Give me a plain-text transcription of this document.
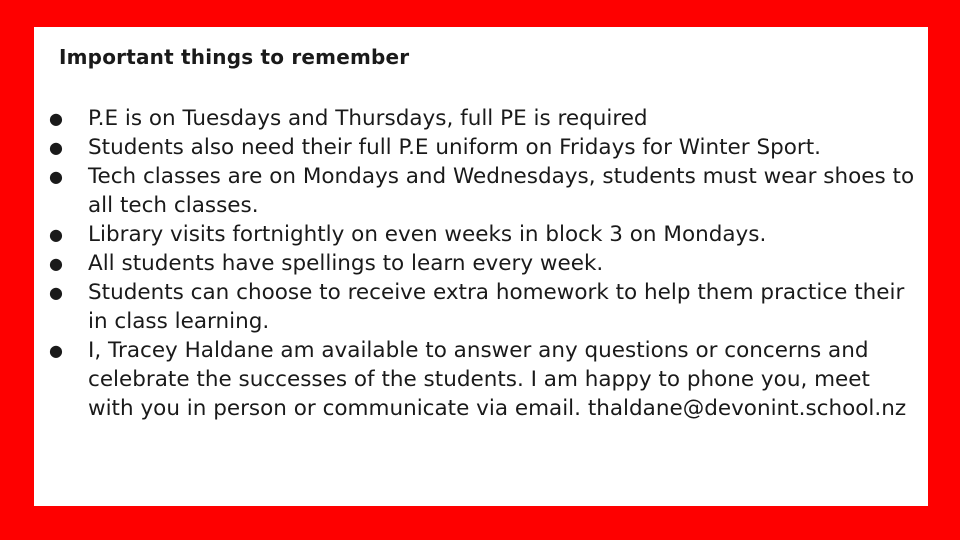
Important things to remember
● P.E is on Tuesdays and Thursdays, full PE is required
● Students also need their full P.E uniform on Fridays for Winter Sport.
● Tech classes are on Mondays and Wednesdays, students must wear shoes to all tech classes.
● Library visits fortnightly on even weeks in block 3 on Mondays.
● All students have spellings to learn every week.
● Students can choose to receive extra homework to help them practice their in class learning.
● I, Tracey Haldane am available to answer any questions or concerns and celebrate the successes of the students. I am happy to phone you, meet with you in person or communicate via email. thaldane@devonint.school.nz
